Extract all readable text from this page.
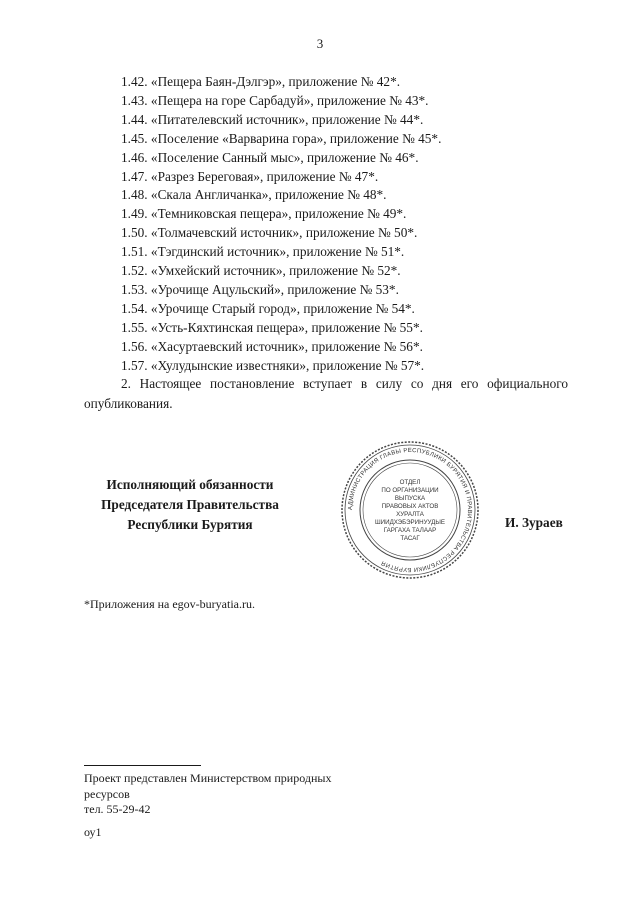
3
1.42. «Пещера Баян-Дэлгэр», приложение № 42*.
1.43. «Пещера на горе Сарбадуй», приложение № 43*.
1.44. «Питателевский источник», приложение № 44*.
1.45. «Поселение «Варварина гора», приложение № 45*.
1.46. «Поселение Санный мыс», приложение № 46*.
1.47. «Разрез Береговая», приложение № 47*.
1.48. «Скала Англичанка», приложение № 48*.
1.49. «Темниковская пещера», приложение № 49*.
1.50. «Толмачевский источник», приложение № 50*.
1.51. «Тэгдинский источник», приложение № 51*.
1.52. «Умхейский источник», приложение № 52*.
1.53. «Урочище Ацульский», приложение № 53*.
1.54. «Урочище Старый город», приложение № 54*.
1.55. «Усть-Кяхтинская пещера», приложение № 55*.
1.56. «Хасуртаевский источник», приложение № 56*.
1.57. «Хулудынские известняки», приложение № 57*.
2. Настоящее постановление вступает в силу со дня его официального опубликования.
Исполняющий обязанности
Председателя Правительства
Республики Бурятия
АДМИНИСТРАЦИЯ ГЛАВЫ РЕСПУБЛИКИ БУРЯТИЯ И ПРАВИТЕЛЬСТВА РЕСПУБЛИКИ БУРЯТИЯ
ОТДЕЛ
ПО ОРГАНИЗАЦИИ
ВЫПУСКА
ПРАВОВЫХ АКТОВ
ХУРАЛТА
ШИИДХЭБЭРИНУУДЫЕ
ГАРГАХА ТАЛААР
ТАСАГ
И. Зураев
*Приложения на egov-buryatia.ru.
Проект представлен Министерством природных
ресурсов
тел. 55-29-42
оу1
